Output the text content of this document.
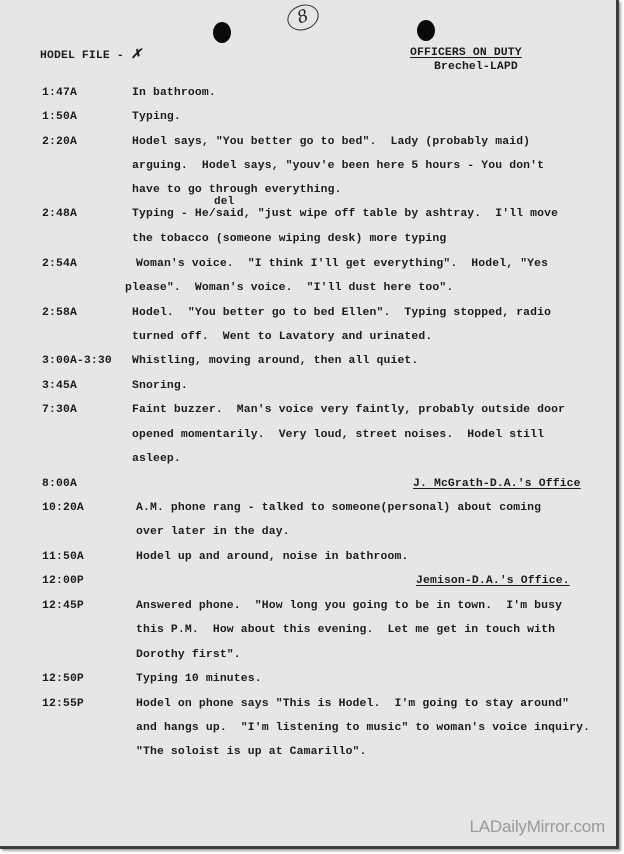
8
HODEL FILE - ✗	OFFICERS ON DUTY
Brechel-LAPD
1:47A	In bathroom.
1:50A	Typing.
2:20A	Hodel says, "You better go to bed".  Lady (probably maid)
arguing.  Hodel says, "youv'e been here 5 hours - You don't
have to go through everything.
del
2:48A	Typing - He/said, "just wipe off table by ashtray.  I'll move
the tobacco (someone wiping desk) more typing
2:54A	Woman's voice.  "I think I'll get everything".  Hodel, "Yes
please".  Woman's voice.  "I'll dust here too".
2:58A	Hodel.  "You better go to bed Ellen".  Typing stopped, radio
turned off.  Went to Lavatory and urinated.
3:00A-3:30 Whistling, moving around, then all quiet.
3:45A	Snoring.
7:30A	Faint buzzer.  Man's voice very faintly, probably outside door
opened momentarily.  Very loud, street noises.  Hodel still
asleep.
8:00A	J. McGrath-D.A.'s Office
10:20A	A.M. phone rang - talked to someone(personal) about coming
over later in the day.
11:50A	Hodel up and around, noise in bathroom.
12:00P	Jemison-D.A.'s Office.
12:45P	Answered phone.  "How long you going to be in town.  I'm busy
this P.M.  How about this evening.  Let me get in touch with
Dorothy first".
12:50P	Typing 10 minutes.
12:55P	Hodel on phone says "This is Hodel.  I'm going to stay around"
and hangs up.  "I'm listening to music" to woman's voice inquiry.
"The soloist is up at Camarillo".
LADailyMirror.com
